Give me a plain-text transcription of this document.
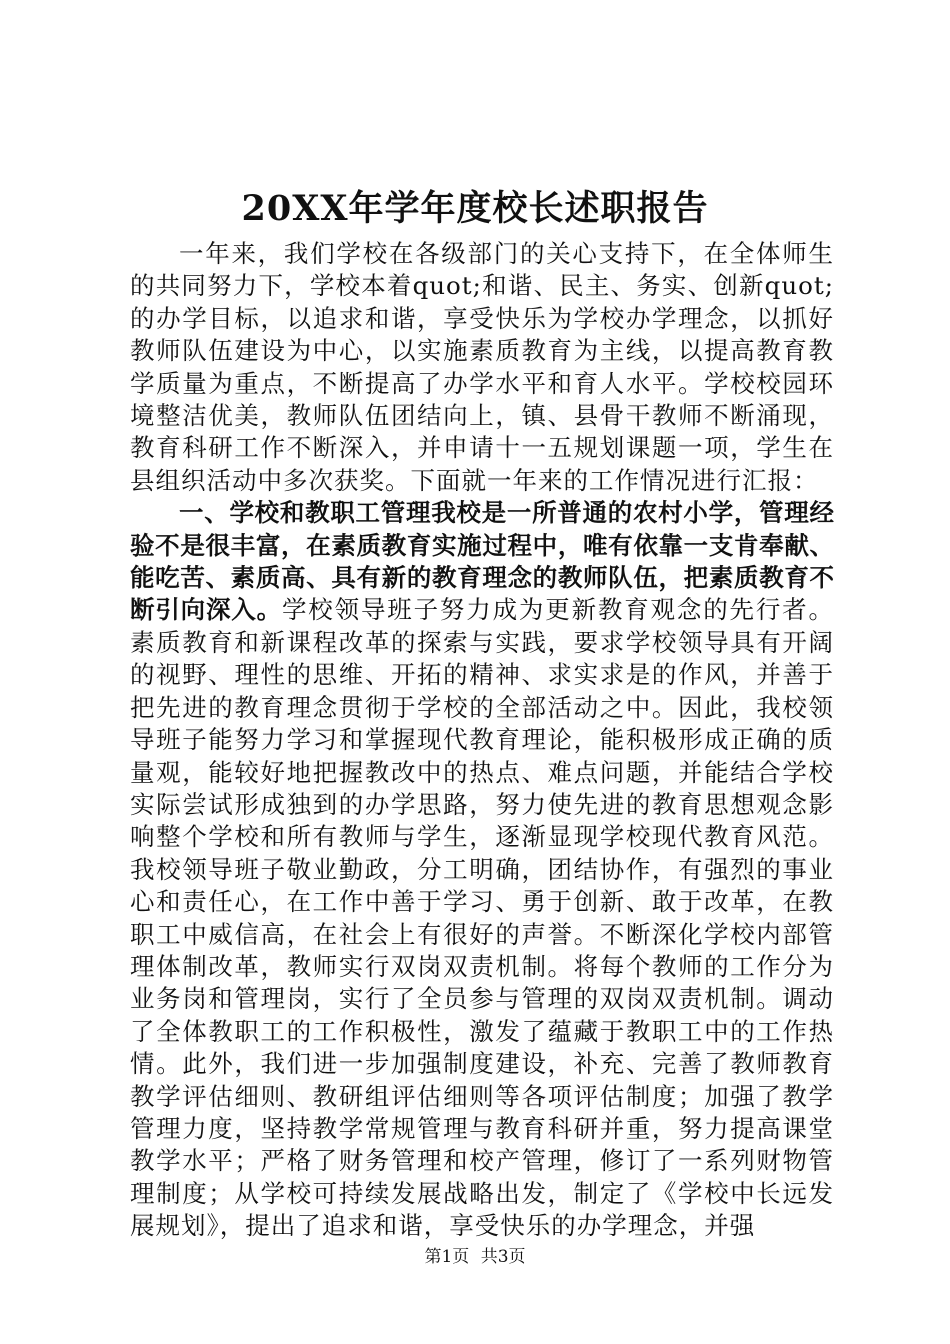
20XX年学年度校长述职报告

一年来，我们学校在各级部门的关心支持下，在全体师生的共同努力下，学校本着quot;和谐、民主、务实、创新quot;的办学目标，以追求和谐，享受快乐为学校办学理念，以抓好教师队伍建设为中心，以实施素质教育为主线，以提高教育教学质量为重点，不断提高了办学水平和育人水平。学校校园环境整洁优美，教师队伍团结向上，镇、县骨干教师不断涌现，教育科研工作不断深入，并申请十一五规划课题一项，学生在县组织活动中多次获奖。下面就一年来的工作情况进行汇报：

一、学校和教职工管理我校是一所普通的农村小学，管理经验不是很丰富，在素质教育实施过程中，唯有依靠一支肯奉献、能吃苦、素质高、具有新的教育理念的教师队伍，把素质教育不断引向深入。学校领导班子努力成为更新教育观念的先行者。素质教育和新课程改革的探索与实践，要求学校领导具有开阔的视野、理性的思维、开拓的精神、求实求是的作风，并善于把先进的教育理念贯彻于学校的全部活动之中。因此，我校领导班子能努力学习和掌握现代教育理论，能积极形成正确的质量观，能较好地把握教改中的热点、难点问题，并能结合学校实际尝试形成独到的办学思路，努力使先进的教育思想观念影响整个学校和所有教师与学生，逐渐显现学校现代教育风范。我校领导班子敬业勤政，分工明确，团结协作，有强烈的事业心和责任心，在工作中善于学习、勇于创新、敢于改革，在教职工中威信高，在社会上有很好的声誉。不断深化学校内部管理体制改革，教师实行双岗双责机制。将每个教师的工作分为业务岗和管理岗，实行了全员参与管理的双岗双责机制。调动了全体教职工的工作积极性，激发了蕴藏于教职工中的工作热情。此外，我们进一步加强制度建设，补充、完善了教师教育教学评估细则、教研组评估细则等各项评估制度；加强了教学管理力度，坚持教学常规管理与教育科研并重，努力提高课堂教学水平；严格了财务管理和校产管理，修订了一系列财物管理制度；从学校可持续发展战略出发，制定了《学校中长远发展规划》，提出了追求和谐，享受快乐的办学理念，并强

第1页 共3页
